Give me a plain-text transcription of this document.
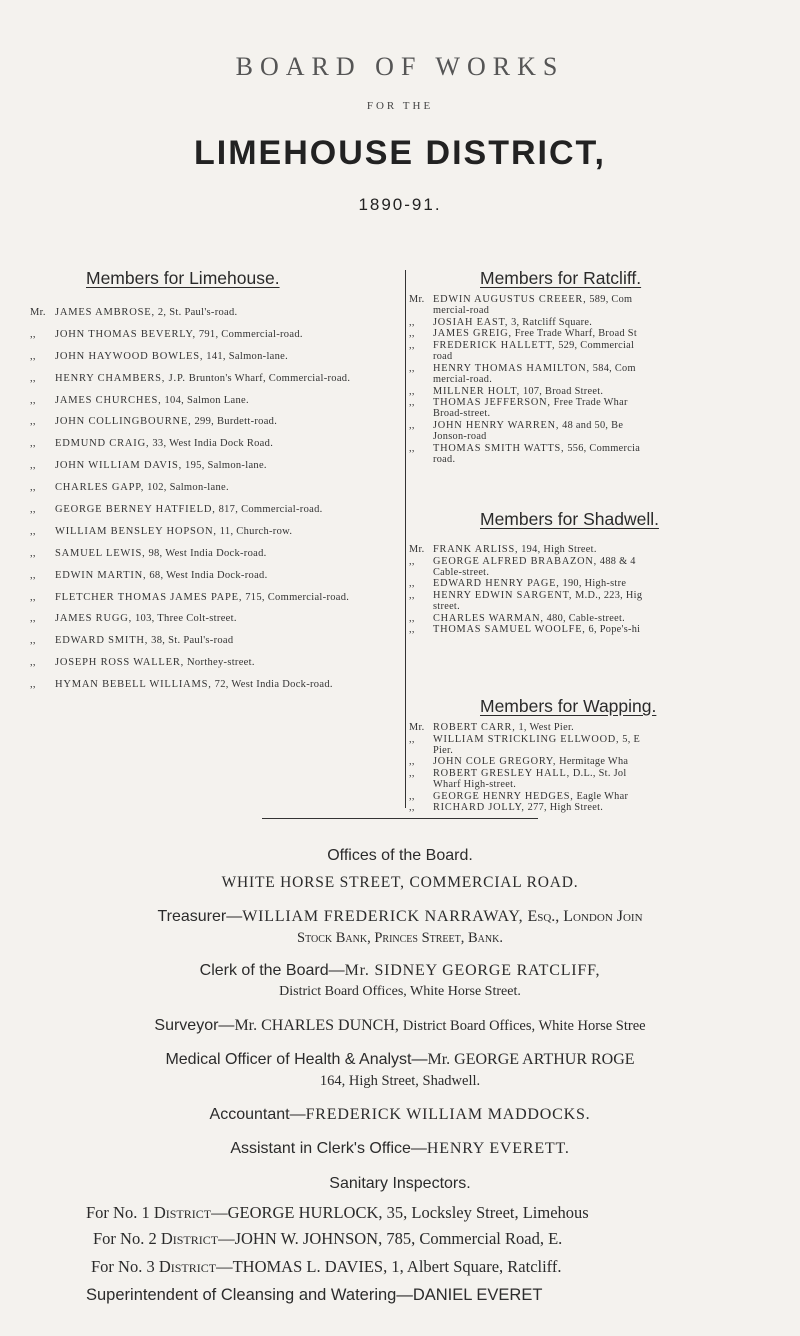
BOARD OF WORKS
FOR THE
LIMEHOUSE DISTRICT,
1890-91.
Members for Limehouse.	Members for Ratcliff.
Mr. JAMES AMBROSE, 2, St. Paul's-road.
,,	JOHN THOMAS BEVERLY, 791, Commercial-road.
,,	JOHN HAYWOOD BOWLES, 141, Salmon-lane.
,,	HENRY CHAMBERS, J.P. Brunton's Wharf, Commercial-road.
,,	JAMES CHURCHES, 104, Salmon Lane.
,,	JOHN COLLINGBOURNE, 299, Burdett-road.
,,	EDMUND CRAIG, 33, West India Dock Road.
,,	JOHN WILLIAM DAVIS, 195, Salmon-lane.
,,	CHARLES GAPP, 102, Salmon-lane.
,,	GEORGE BERNEY HATFIELD, 817, Commercial-road.
,,	WILLIAM BENSLEY HOPSON, 11, Church-row.
,,	SAMUEL LEWIS, 98, West India Dock-road.
,,	EDWIN MARTIN, 68, West India Dock-road.
,,	FLETCHER THOMAS JAMES PAPE, 715, Commercial-road.
,,	JAMES RUGG, 103, Three Colt-street.
,,	EDWARD SMITH, 38, St. Paul's-road
,,	JOSEPH ROSS WALLER, Northey-street.
,,	HYMAN BEBELL WILLIAMS, 72, West India Dock-road.
Mr. EDWIN AUGUSTUS CREEER, 589, Com
mercial-road
,,	JOSIAH EAST, 3, Ratcliff Square.
,,	JAMES GREIG, Free Trade Wharf, Broad St
,,	FREDERICK HALLETT, 529, Commercial
road
,,	HENRY THOMAS HAMILTON, 584, Com
mercial-road.
,,	MILLNER HOLT, 107, Broad Street.
,,	THOMAS JEFFERSON, Free Trade Whar
Broad-street.
,,	JOHN HENRY WARREN, 48 and 50, Be
Jonson-road
,,	THOMAS SMITH WATTS, 556, Commercia
road.
Members for Shadwell.
Mr. FRANK ARLISS, 194, High Street.
,,	GEORGE ALFRED BRABAZON, 488 & 4
Cable-street.
,,	EDWARD HENRY PAGE, 190, High-stre
,,	HENRY EDWIN SARGENT, M.D., 223, Hig
street.
,,	CHARLES WARMAN, 480, Cable-street.
,,	THOMAS SAMUEL WOOLFE, 6, Pope's-hi
Members for Wapping.
Mr. ROBERT CARR, 1, West Pier.
,,	WILLIAM STRICKLING ELLWOOD, 5, E
Pier.
,,	JOHN COLE GREGORY, Hermitage Wha
,,	ROBERT GRESLEY HALL, D.L., St. Jol
Wharf High-street.
,,	GEORGE HENRY HEDGES, Eagle Whar
,,	RICHARD JOLLY, 277, High Street.
Offices of the Board.
WHITE HORSE STREET, COMMERCIAL ROAD.
Treasurer—WILLIAM FREDERICK NARRAWAY, Esq., London Join
Stock Bank, Princes Street, Bank.
Clerk of the Board—Mr. SIDNEY GEORGE RATCLIFF,
District Board Offices, White Horse Street.
Surveyor—Mr. CHARLES DUNCH, District Board Offices, White Horse Stree
Medical Officer of Health & Analyst—Mr. GEORGE ARTHUR ROGE
164, High Street, Shadwell.
Accountant—FREDERICK WILLIAM MADDOCKS.
Assistant in Clerk's Office—HENRY EVERETT.
Sanitary Inspectors.
For No. 1 District—GEORGE HURLOCK, 35, Locksley Street, Limehous
For No. 2 District—JOHN W. JOHNSON, 785, Commercial Road, E.
For No. 3 District—THOMAS L. DAVIES, 1, Albert Square, Ratcliff.
Superintendent of Cleansing and Watering—DANIEL EVERET
